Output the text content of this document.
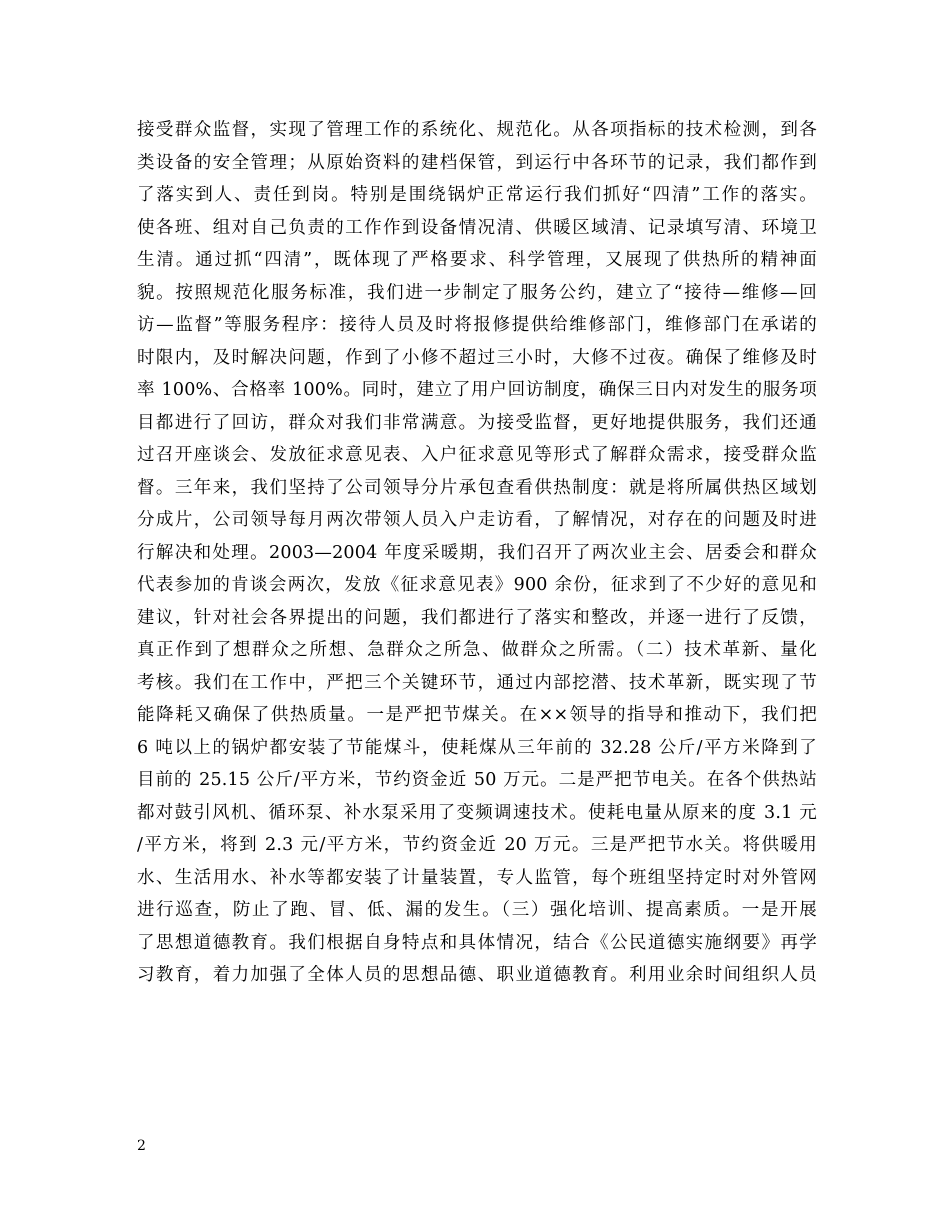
接受群众监督，实现了管理工作的系统化、规范化。从各项指标的技术检测，到各
类设备的安全管理；从原始资料的建档保管，到运行中各环节的记录，我们都作到
了落实到人、责任到岗。特别是围绕锅炉正常运行我们抓好“四清”工作的落实。
使各班、组对自己负责的工作作到设备情况清、供暖区域清、记录填写清、环境卫
生清。通过抓“四清”，既体现了严格要求、科学管理，又展现了供热所的精神面
貌。按照规范化服务标准，我们进一步制定了服务公约，建立了“接待—维修—回
访—监督”等服务程序：接待人员及时将报修提供给维修部门，维修部门在承诺的
时限内，及时解决问题，作到了小修不超过三小时，大修不过夜。确保了维修及时
率 100%、合格率 100%。同时，建立了用户回访制度，确保三日内对发生的服务项
目都进行了回访，群众对我们非常满意。为接受监督，更好地提供服务，我们还通
过召开座谈会、发放征求意见表、入户征求意见等形式了解群众需求，接受群众监
督。三年来，我们坚持了公司领导分片承包查看供热制度：就是将所属供热区域划
分成片，公司领导每月两次带领人员入户走访看，了解情况，对存在的问题及时进
行解决和处理。2003—2004 年度采暖期，我们召开了两次业主会、居委会和群众
代表参加的肯谈会两次，发放《征求意见表》900 余份，征求到了不少好的意见和
建议，针对社会各界提出的问题，我们都进行了落实和整改，并逐一进行了反馈，
真正作到了想群众之所想、急群众之所急、做群众之所需。（二）技术革新、量化
考核。我们在工作中，严把三个关键环节，通过内部挖潜、技术革新，既实现了节
能降耗又确保了供热质量。一是严把节煤关。在××领导的指导和推动下，我们把
6 吨以上的锅炉都安装了节能煤斗，使耗煤从三年前的 32.28 公斤/平方米降到了
目前的 25.15 公斤/平方米，节约资金近 50 万元。二是严把节电关。在各个供热站
都对鼓引风机、循环泵、补水泵采用了变频调速技术。使耗电量从原来的度 3.1 元
/平方米，将到 2.3 元/平方米，节约资金近 20 万元。三是严把节水关。将供暖用
水、生活用水、补水等都安装了计量装置，专人监管，每个班组坚持定时对外管网
进行巡查，防止了跑、冒、低、漏的发生。（三）强化培训、提高素质。一是开展
了思想道德教育。我们根据自身特点和具体情况，结合《公民道德实施纲要》再学
习教育，着力加强了全体人员的思想品德、职业道德教育。利用业余时间组织人员
2
